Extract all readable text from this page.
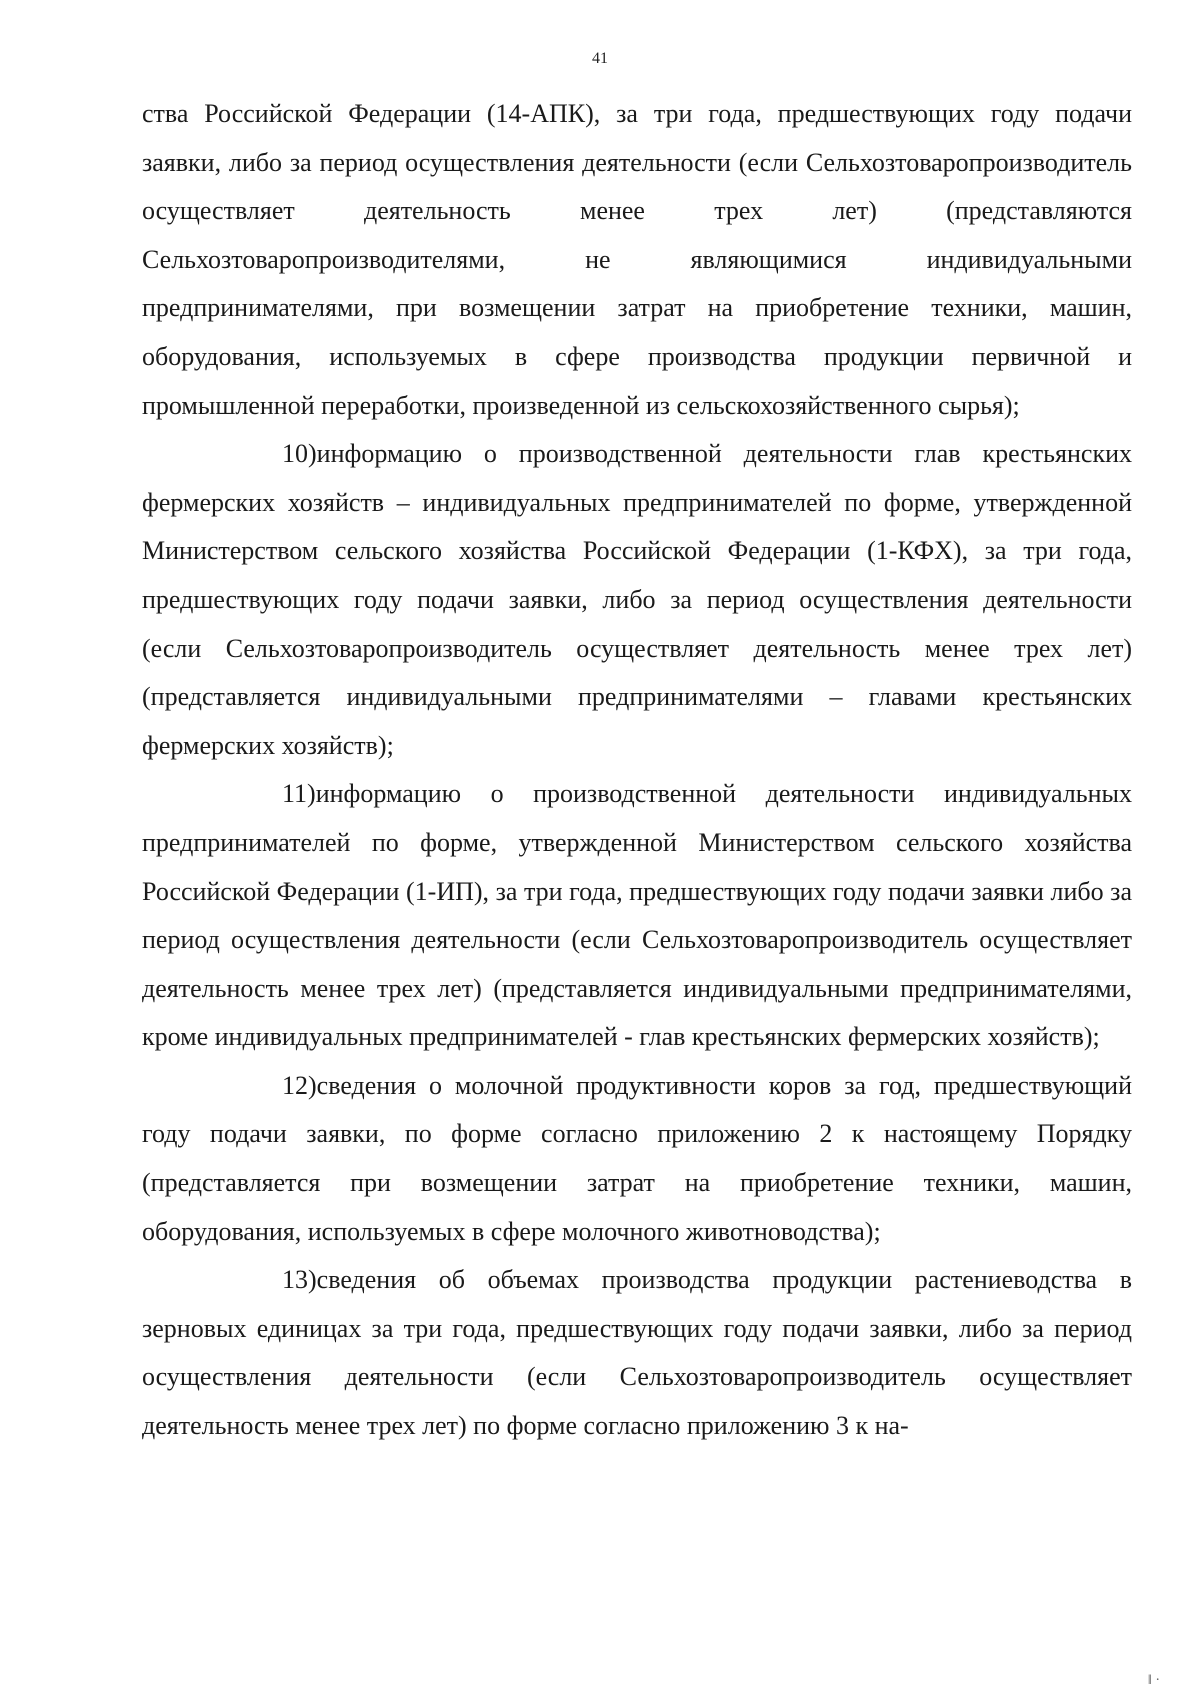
41

ства Российской Федерации (14-АПК), за три года, предшествующих году подачи заявки, либо за период осуществления деятельности (если Сельхозтоваропроизводитель осуществляет деятельность менее трех лет) (представляются Сельхозтоваропроизводителями, не являющимися индивидуальными предпринимателями, при возмещении затрат на приобретение техники, машин, оборудования, используемых в сфере производства продукции первичной и промышленной переработки, произведенной из сельскохозяйственного сырья);

10)информацию о производственной деятельности глав крестьянских фермерских хозяйств – индивидуальных предпринимателей по форме, утвержденной Министерством сельского хозяйства Российской Федерации (1-КФХ), за три года, предшествующих году подачи заявки, либо за период осуществления деятельности (если Сельхозтоваропроизводитель осуществляет деятельность менее трех лет) (представляется индивидуальными предпринимателями – главами крестьянских фермерских хозяйств);

11)информацию о производственной деятельности индивидуальных предпринимателей по форме, утвержденной Министерством сельского хозяйства Российской Федерации (1-ИП), за три года, предшествующих году подачи заявки либо за период осуществления деятельности (если Сельхозтоваропроизводитель осуществляет деятельность менее трех лет) (представляется индивидуальными предпринимателями, кроме индивидуальных предпринимателей - глав крестьянских фермерских хозяйств);

12)сведения о молочной продуктивности коров за год, предшествующий году подачи заявки, по форме согласно приложению 2 к настоящему Порядку (представляется при возмещении затрат на приобретение техники, машин, оборудования, используемых в сфере молочного животноводства);

13)сведения об объемах производства продукции растениеводства в зерновых единицах за три года, предшествующих году подачи заявки, либо за период осуществления деятельности (если Сельхозтоваропроизводитель осуществляет деятельность менее трех лет) по форме согласно приложению 3 к на-

‖ ·
